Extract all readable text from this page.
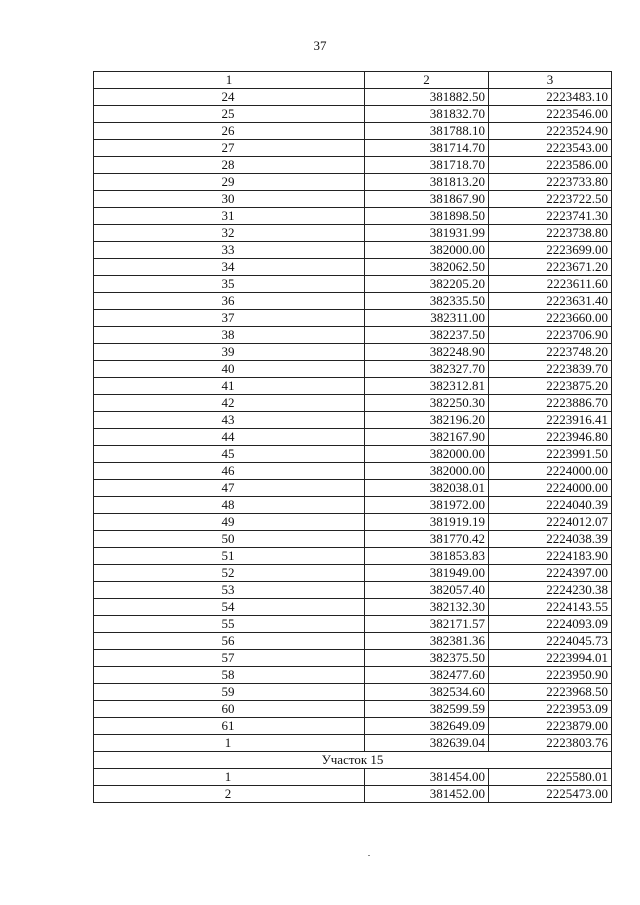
37
1	2	3
24	381882.50	2223483.10
25	381832.70	2223546.00
26	381788.10	2223524.90
27	381714.70	2223543.00
28	381718.70	2223586.00
29	381813.20	2223733.80
30	381867.90	2223722.50
31	381898.50	2223741.30
32	381931.99	2223738.80
33	382000.00	2223699.00
34	382062.50	2223671.20
35	382205.20	2223611.60
36	382335.50	2223631.40
37	382311.00	2223660.00
38	382237.50	2223706.90
39	382248.90	2223748.20
40	382327.70	2223839.70
41	382312.81	2223875.20
42	382250.30	2223886.70
43	382196.20	2223916.41
44	382167.90	2223946.80
45	382000.00	2223991.50
46	382000.00	2224000.00
47	382038.01	2224000.00
48	381972.00	2224040.39
49	381919.19	2224012.07
50	381770.42	2224038.39
51	381853.83	2224183.90
52	381949.00	2224397.00
53	382057.40	2224230.38
54	382132.30	2224143.55
55	382171.57	2224093.09
56	382381.36	2224045.73
57	382375.50	2223994.01
58	382477.60	2223950.90
59	382534.60	2223968.50
60	382599.59	2223953.09
61	382649.09	2223879.00
1	382639.04	2223803.76
Участок 15		
1	381454.00	2225580.01
2	381452.00	2225473.00
